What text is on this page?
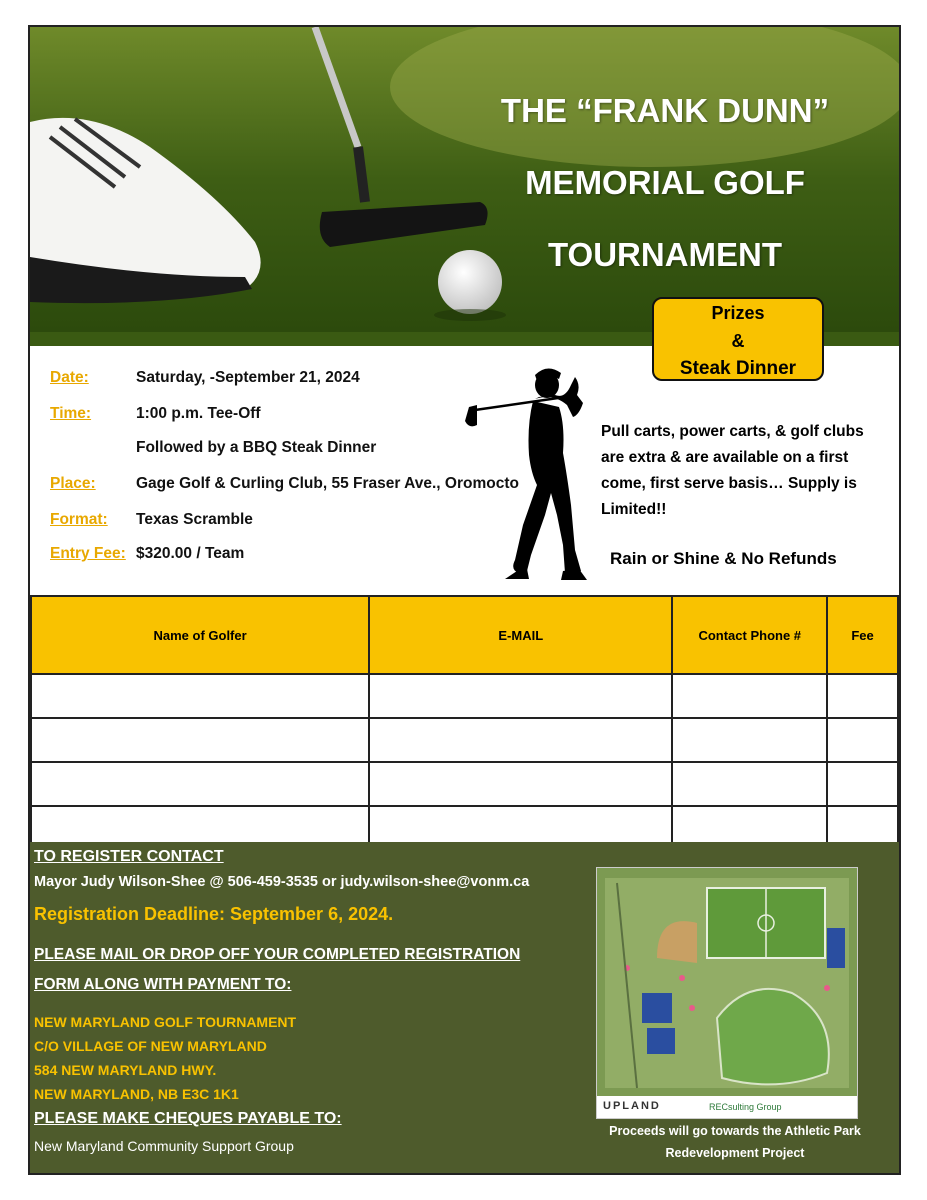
THE “FRANK DUNN”
MEMORIAL GOLF
TOURNAMENT
Prizes
&
Steak Dinner
Date:	Saturday, -September 21, 2024
Time:	1:00 p.m. Tee-Off
Followed by a BBQ Steak Dinner
Place:	Gage Golf & Curling Club, 55 Fraser Ave., Oromocto
Format: Texas Scramble
Entry Fee: $320.00 / Team
Pull carts, power carts, & golf clubs are extra & are available on a first come, first serve basis… Supply is Limited!!
Rain or Shine & No Refunds
Name of Golfer	E-MAIL	Contact Phone #	Fee

TO REGISTER CONTACT
Mayor Judy Wilson-Shee @ 506-459-3535 or judy.wilson-shee@vonm.ca
Registration Deadline: September 6, 2024.
PLEASE MAIL OR DROP OFF YOUR COMPLETED REGISTRATION
FORM ALONG WITH PAYMENT TO:
NEW MARYLAND GOLF TOURNAMENT
C/O VILLAGE OF NEW MARYLAND
584 NEW MARYLAND HWY.
NEW MARYLAND, NB E3C 1K1
PLEASE MAKE CHEQUES PAYABLE TO:
New Maryland Community Support Group
UPLAND	RECsulting Group
Proceeds will go towards the Athletic Park
Redevelopment Project
